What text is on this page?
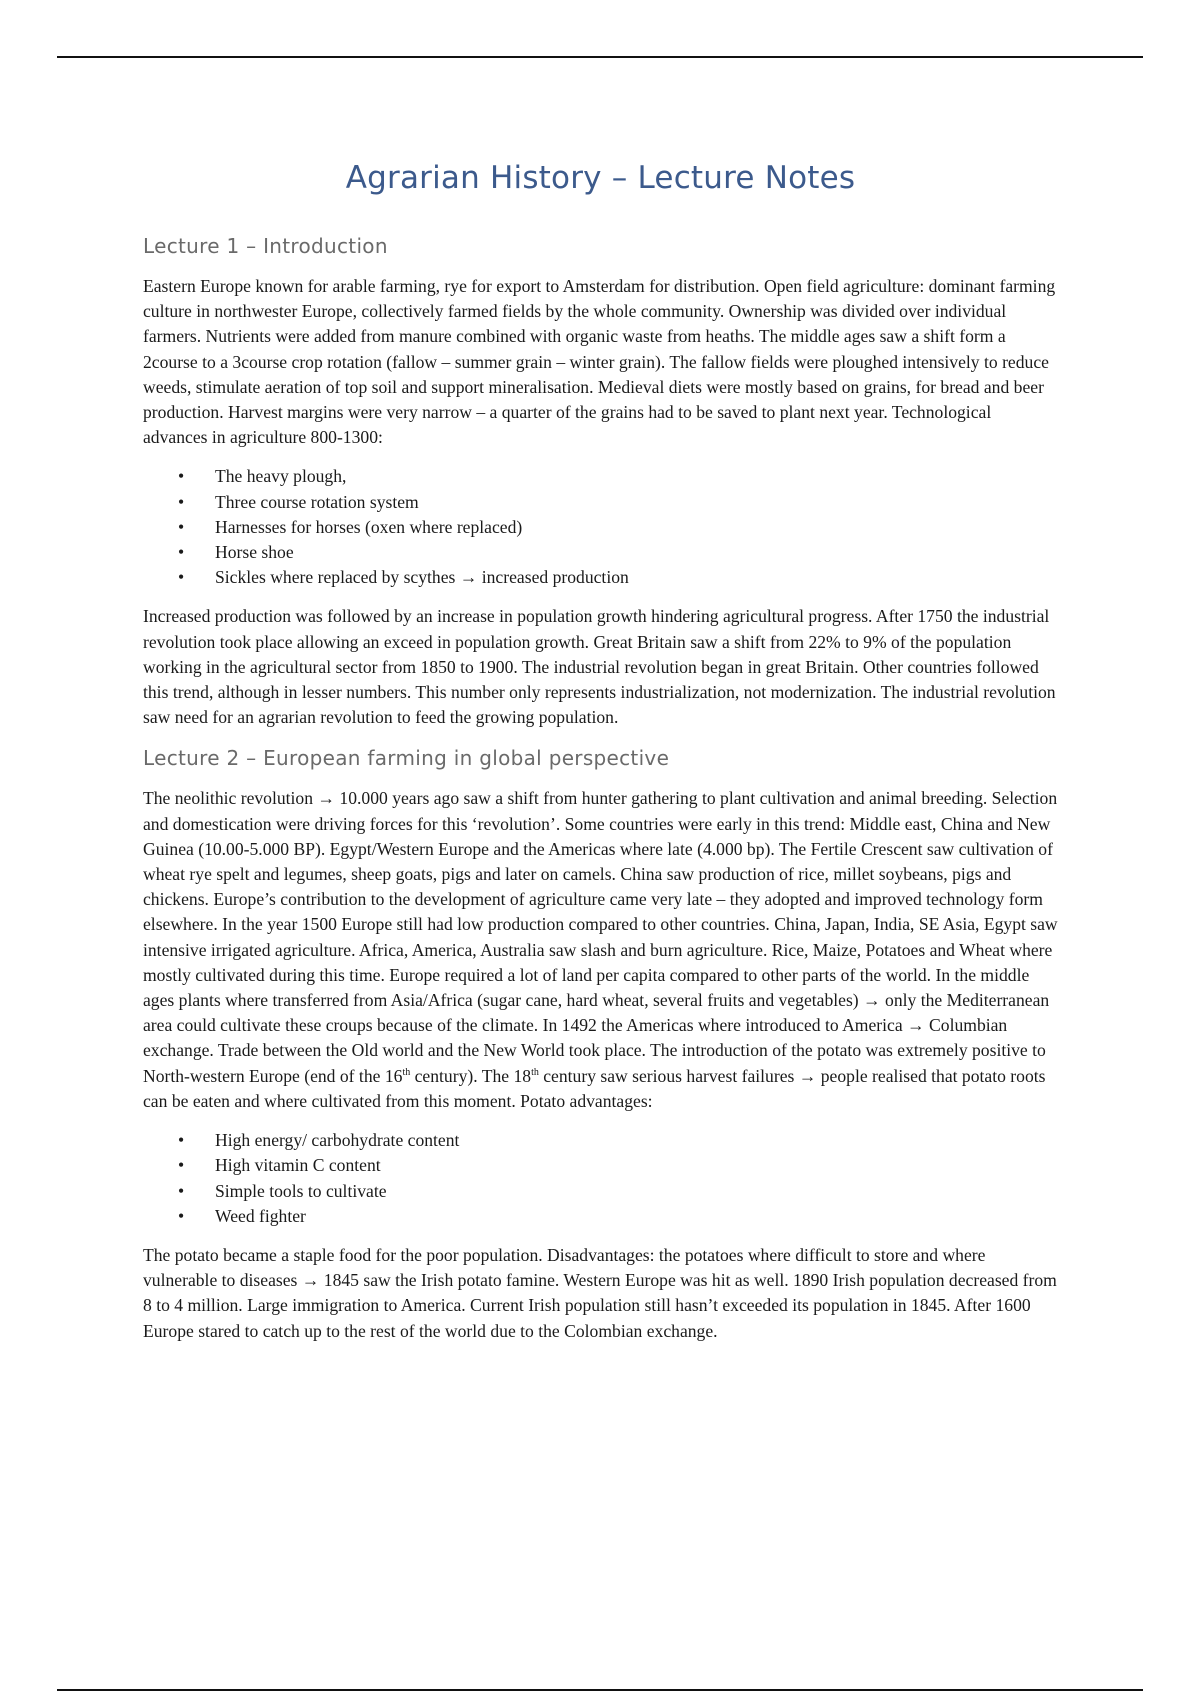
Agrarian History – Lecture Notes
Lecture 1 – Introduction

Eastern Europe known for arable farming, rye for export to Amsterdam for distribution. Open field agriculture: dominant farming culture in northwester Europe, collectively farmed fields by the whole community. Ownership was divided over individual farmers. Nutrients were added from manure combined with organic waste from heaths. The middle ages saw a shift form a 2course to a 3course crop rotation (fallow – summer grain – winter grain). The fallow fields were ploughed intensively to reduce weeds, stimulate aeration of top soil and support mineralisation. Medieval diets were mostly based on grains, for bread and beer production. Harvest margins were very narrow – a quarter of the grains had to be saved to plant next year. Technological advances in agriculture 800-1300:

• The heavy plough,
• Three course rotation system
• Harnesses for horses (oxen where replaced)
• Horse shoe
• Sickles where replaced by scythes → increased production

Increased production was followed by an increase in population growth hindering agricultural progress. After 1750 the industrial revolution took place allowing an exceed in population growth. Great Britain saw a shift from 22% to 9% of the population working in the agricultural sector from 1850 to 1900. The industrial revolution began in great Britain. Other countries followed this trend, although in lesser numbers. This number only represents industrialization, not modernization. The industrial revolution saw need for an agrarian revolution to feed the growing population.

Lecture 2 – European farming in global perspective

The neolithic revolution → 10.000 years ago saw a shift from hunter gathering to plant cultivation and animal breeding. Selection and domestication were driving forces for this ‘revolution’. Some countries were early in this trend: Middle east, China and New Guinea (10.00-5.000 BP). Egypt/Western Europe and the Americas where late (4.000 bp). The Fertile Crescent saw cultivation of wheat rye spelt and legumes, sheep goats, pigs and later on camels. China saw production of rice, millet soybeans, pigs and chickens. Europe’s contribution to the development of agriculture came very late – they adopted and improved technology form elsewhere. In the year 1500 Europe still had low production compared to other countries. China, Japan, India, SE Asia, Egypt saw intensive irrigated agriculture. Africa, America, Australia saw slash and burn agriculture. Rice, Maize, Potatoes and Wheat where mostly cultivated during this time. Europe required a lot of land per capita compared to other parts of the world. In the middle ages plants where transferred from Asia/Africa (sugar cane, hard wheat, several fruits and vegetables) → only the Mediterranean area could cultivate these croups because of the climate. In 1492 the Americas where introduced to America → Columbian exchange. Trade between the Old world and the New World took place. The introduction of the potato was extremely positive to North-western Europe (end of the 16th century). The 18th century saw serious harvest failures → people realised that potato roots can be eaten and where cultivated from this moment. Potato advantages:

• High energy/ carbohydrate content
• High vitamin C content
• Simple tools to cultivate
• Weed fighter

The potato became a staple food for the poor population. Disadvantages: the potatoes where difficult to store and where vulnerable to diseases → 1845 saw the Irish potato famine. Western Europe was hit as well. 1890 Irish population decreased from 8 to 4 million. Large immigration to America. Current Irish population still hasn’t exceeded its population in 1845. After 1600 Europe stared to catch up to the rest of the world due to the Colombian exchange.
